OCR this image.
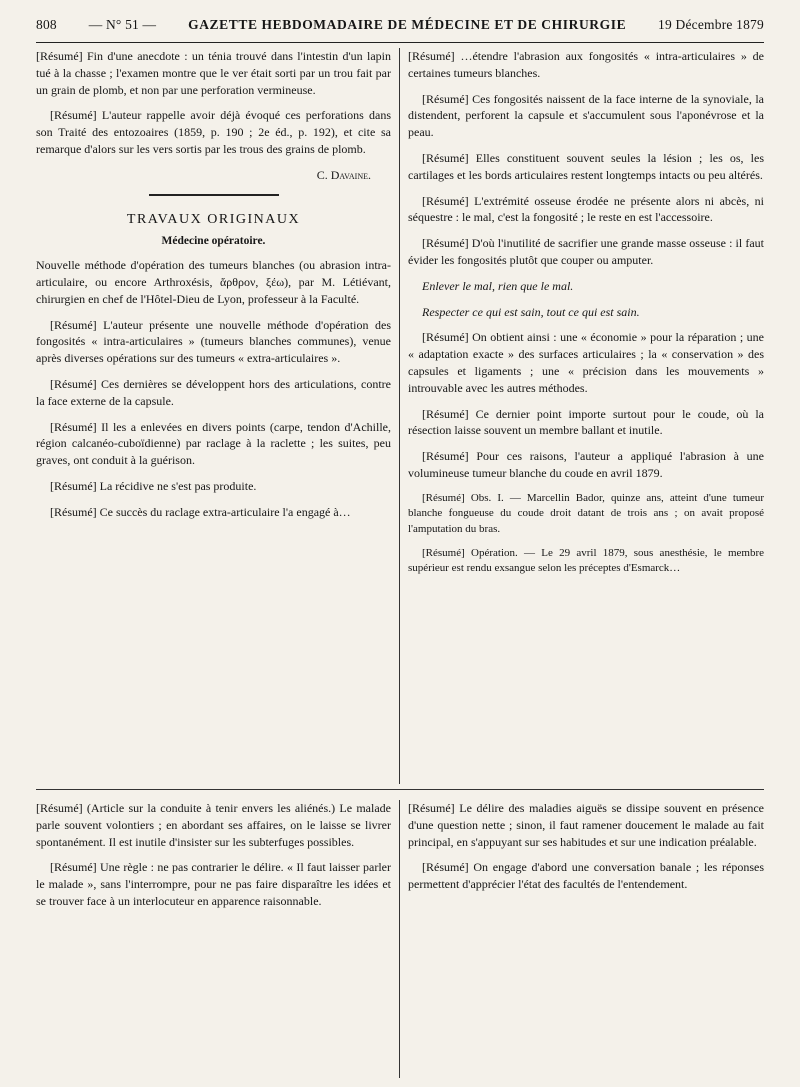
808 — N° 51 — GAZETTE HEBDOMADAIRE DE MÉDECINE ET DE CHIRURGIE 19 Décembre 1879

[Résumé] Fin d'une anecdote : un ténia trouvé dans l'intestin d'un lapin tué à la chasse ; l'examen montre que le ver était sorti par un trou fait par un grain de plomb, et non par une perforation vermineuse.

[Résumé] L'auteur rappelle avoir déjà évoqué ces perforations dans son Traité des entozoaires (1859, p. 190 ; 2e éd., p. 192), et cite sa remarque d'alors sur les vers sortis par les trous des grains de plomb.

C. Davaine.
TRAVAUX ORIGINAUX
Médecine opératoire.

Nouvelle méthode d'opération des tumeurs blanches (ou abrasion intra-articulaire, ou encore Arthroxésis, ἄρθρον, ξέω), par M. Létiévant, chirurgien en chef de l'Hôtel-Dieu de Lyon, professeur à la Faculté.

[Résumé] L'auteur présente une nouvelle méthode d'opération des fongosités « intra-articulaires » (tumeurs blanches communes), venue après diverses opérations sur des tumeurs « extra-articulaires ».

[Résumé] Ces dernières se développent hors des articulations, contre la face externe de la capsule.

[Résumé] Il les a enlevées en divers points (carpe, tendon d'Achille, région calcanéo-cuboïdienne) par raclage à la raclette ; les suites, peu graves, ont conduit à la guérison.

[Résumé] La récidive ne s'est pas produite.

[Résumé] Ce succès du raclage extra-articulaire l'a engagé à…

[Résumé] …étendre l'abrasion aux fongosités « intra-articulaires » de certaines tumeurs blanches.

[Résumé] Ces fongosités naissent de la face interne de la synoviale, la distendent, perforent la capsule et s'accumulent sous l'aponévrose et la peau.

[Résumé] Elles constituent souvent seules la lésion ; les os, les cartilages et les bords articulaires restent longtemps intacts ou peu altérés.

[Résumé] L'extrémité osseuse érodée ne présente alors ni abcès, ni séquestre : le mal, c'est la fongosité ; le reste en est l'accessoire.

[Résumé] D'où l'inutilité de sacrifier une grande masse osseuse : il faut évider les fongosités plutôt que couper ou amputer.

Enlever le mal, rien que le mal.

Respecter ce qui est sain, tout ce qui est sain.

[Résumé] On obtient ainsi : une « économie » pour la réparation ; une « adaptation exacte » des surfaces articulaires ; la « conservation » des capsules et ligaments ; une « précision dans les mouvements » introuvable avec les autres méthodes.

[Résumé] Ce dernier point importe surtout pour le coude, où la résection laisse souvent un membre ballant et inutile.

[Résumé] Pour ces raisons, l'auteur a appliqué l'abrasion à une volumineuse tumeur blanche du coude en avril 1879.

[Résumé] Obs. I. — Marcellin Bador, quinze ans, atteint d'une tumeur blanche fongueuse du coude droit datant de trois ans ; on avait proposé l'amputation du bras.

[Résumé] Opération. — Le 29 avril 1879, sous anesthésie, le membre supérieur est rendu exsangue selon les préceptes d'Esmarck…

[Résumé] (Article sur la conduite à tenir envers les aliénés.) Le malade parle souvent volontiers ; en abordant ses affaires, on le laisse se livrer spontanément. Il est inutile d'insister sur les subterfuges possibles.

[Résumé] Une règle : ne pas contrarier le délire. « Il faut laisser parler le malade », sans l'interrompre, pour ne pas faire disparaître les idées et se trouver face à un interlocuteur en apparence raisonnable.

[Résumé] Le délire des maladies aiguës se dissipe souvent en présence d'une question nette ; sinon, il faut ramener doucement le malade au fait principal, en s'appuyant sur ses habitudes et sur une indication préalable.

[Résumé] On engage d'abord une conversation banale ; les réponses permettent d'apprécier l'état des facultés de l'entendement.
